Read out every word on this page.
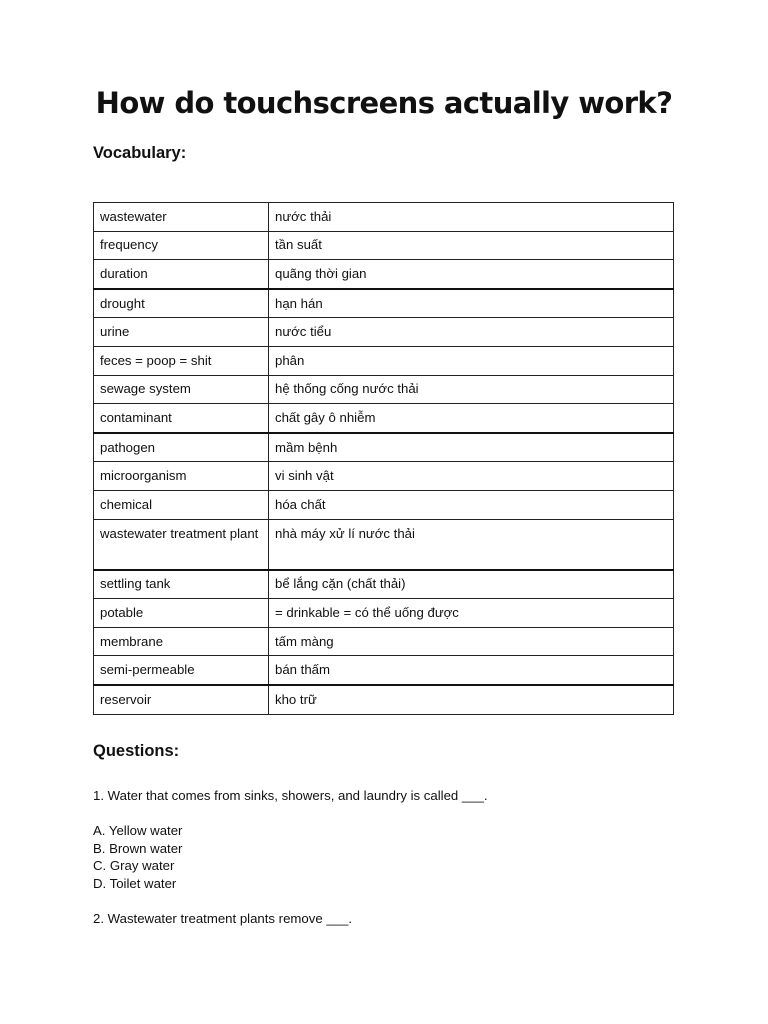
How do touchscreens actually work?
Vocabulary:
wastewater	nước thải
frequency	tần suất
duration	quãng thời gian
drought	hạn hán
urine	nước tiểu
feces = poop = shit	phân
sewage system	hệ thống cống nước thải
contaminant	chất gây ô nhiễm
pathogen	mầm bệnh
microorganism	vi sinh vật
chemical	hóa chất
wastewater treatment plant	nhà máy xử lí nước thải
settling tank	bể lắng cặn (chất thải)
potable	= drinkable = có thể uống được
membrane	tấm màng
semi-permeable	bán thấm
reservoir	kho trữ
Questions:

1. Water that comes from sinks, showers, and laundry is called ___.

A. Yellow water
B. Brown water
C. Gray water
D. Toilet water

2. Wastewater treatment plants remove ___.
